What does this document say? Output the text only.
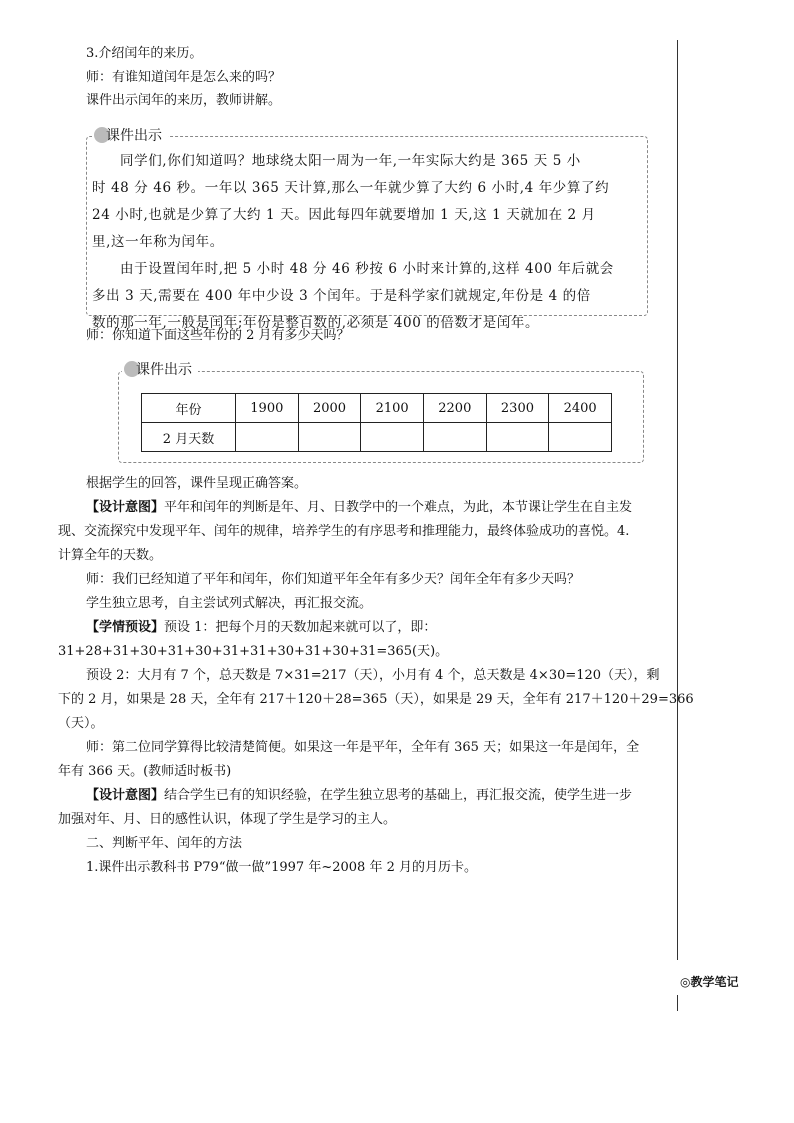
◎教学笔记
3.介绍闰年的来历。
师：有谁知道闰年是怎么来的吗？
课件出示闰年的来历，教师讲解。
课件出示
同学们,你们知道吗？地球绕太阳一周为一年,一年实际大约是 365 天 5 小
时 48 分 46 秒。一年以 365 天计算,那么一年就少算了大约 6 小时,4 年少算了约
24 小时,也就是少算了大约 1 天。因此每四年就要增加 1 天,这 1 天就加在 2 月
里,这一年称为闰年。
由于设置闰年时,把 5 小时 48 分 46 秒按 6 小时来计算的,这样 400 年后就会
多出 3 天,需要在 400 年中少设 3 个闰年。于是科学家们就规定,年份是 4 的倍
数的那一年,一般是闰年;年份是整百数的,必须是 400 的倍数才是闰年。
师：你知道下面这些年份的 2 月有多少天吗？
课件出示
年份	1900	2000	2100	2200	2300	2400
2 月天数						
根据学生的回答，课件呈现正确答案。
【设计意图】平年和闰年的判断是年、月、日教学中的一个难点，为此，本节课让学生在自主发
现、交流探究中发现平年、闰年的规律，培养学生的有序思考和推理能力，最终体验成功的喜悦。4.
计算全年的天数。
师：我们已经知道了平年和闰年，你们知道平年全年有多少天？闰年全年有多少天吗？
学生独立思考，自主尝试列式解决，再汇报交流。
【学情预设】预设 1：把每个月的天数加起来就可以了，即：
31+28+31+30+31+30+31+31+30+31+30+31=365(天)。
预设 2：大月有 7 个，总天数是 7×31=217（天），小月有 4 个，总天数是 4×30=120（天），剩
下的 2 月，如果是 28 天，全年有 217＋120＋28=365（天），如果是 29 天，全年有 217＋120＋29=366
（天）。
师：第二位同学算得比较清楚简便。如果这一年是平年，全年有 365 天；如果这一年是闰年，全
年有 366 天。(教师适时板书)
【设计意图】结合学生已有的知识经验，在学生独立思考的基础上，再汇报交流，使学生进一步
加强对年、月、日的感性认识，体现了学生是学习的主人。
二、判断平年、闰年的方法
1.课件出示教科书 P79“做一做”1997 年~2008 年 2 月的月历卡。
